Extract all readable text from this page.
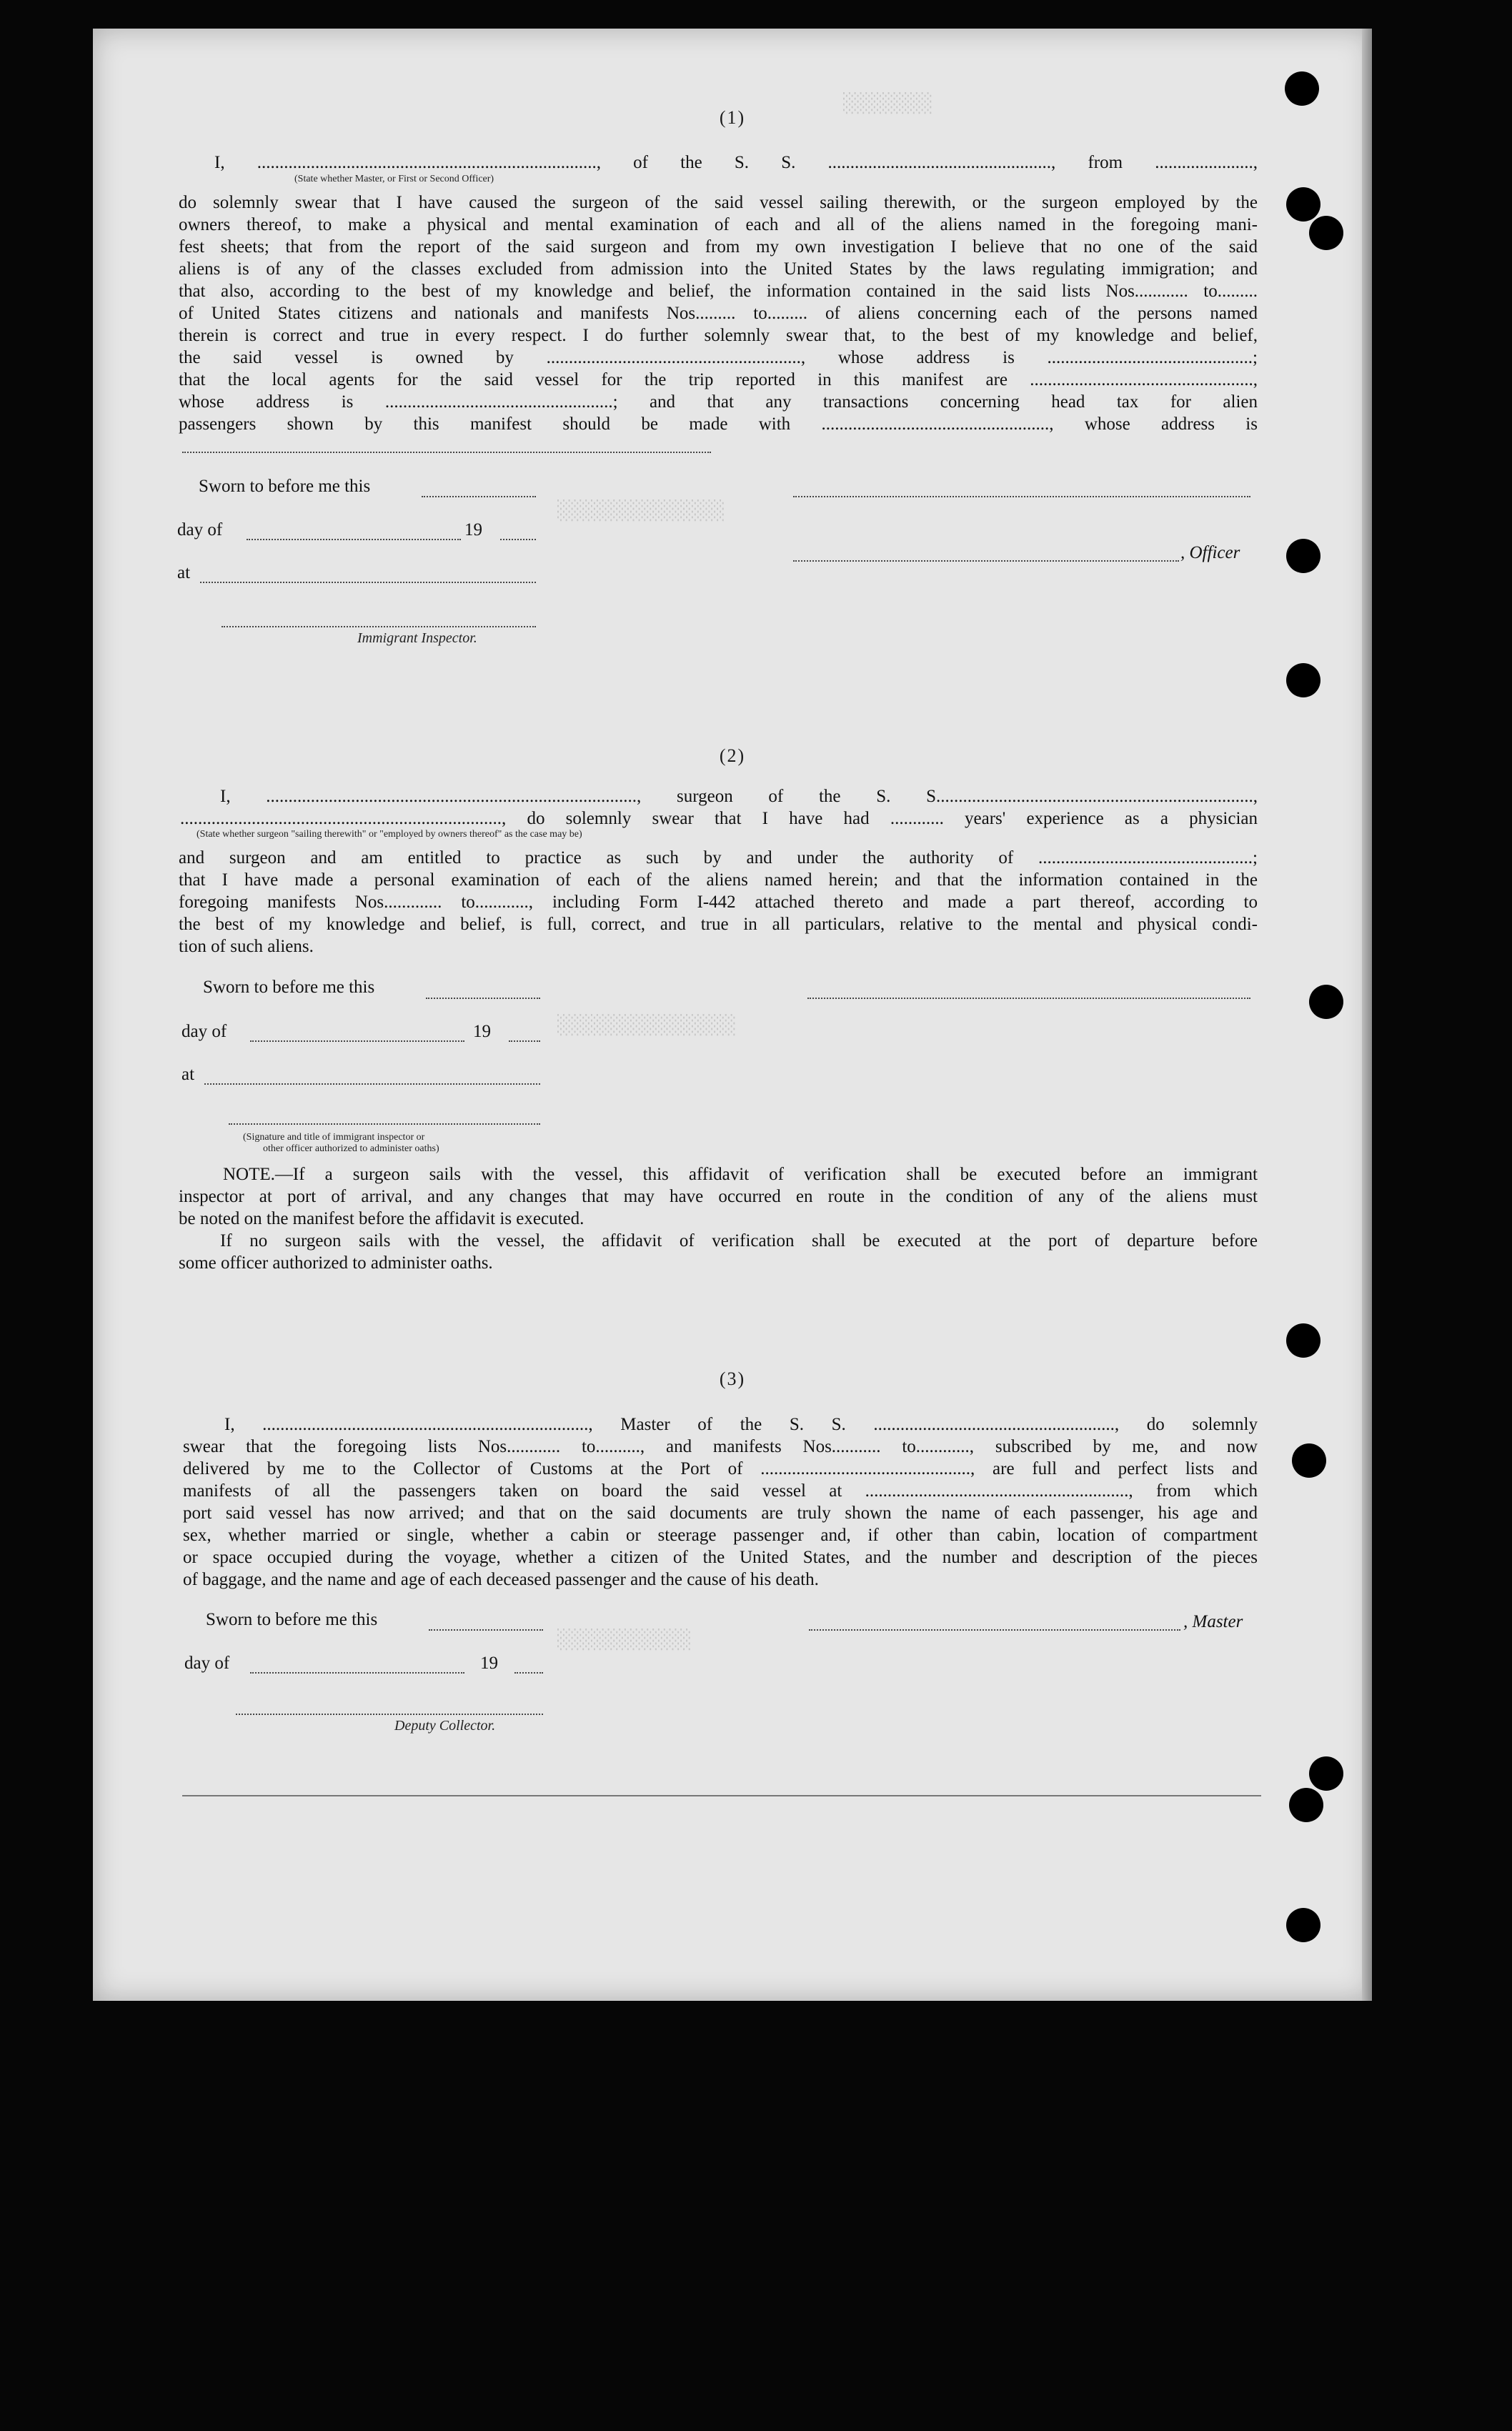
░░░░░░░░
░░░░░░░░░░░░░░░
░░░░░░░░░░░░░░░░
░░░░░░░░░░░░
(1)
I, ............................................................................, of the S. S. .................................................., from ......................,
(State whether Master, or First or Second Officer)
do solemnly swear that I have caused the surgeon of the said vessel sailing therewith, or the surgeon employed by the
owners thereof, to make a physical and mental examination of each and all of the aliens named in the foregoing mani-
fest sheets; that from the report of the said surgeon and from my own investigation I believe that no one of the said
aliens is of any of the classes excluded from admission into the United States by the laws regulating immigration; and
that also, according to the best of my knowledge and belief, the information contained in the said lists Nos............ to.........
of United States citizens and nationals and manifests Nos......... to......... of aliens concerning each of the persons named
therein is correct and true in every respect. I do further solemnly swear that, to the best of my knowledge and belief,
the said vessel is owned by ........................................................., whose address is ..............................................;
that the local agents for the said vessel for the trip reported in this manifest are ..................................................,
whose address is ...................................................; and that any transactions concerning head tax for alien
passengers shown by this manifest should be made with ..................................................., whose address is
Sworn to before me this
day of	19
, Officer
at
Immigrant Inspector.
(2)
I, ..................................................................................., surgeon of the S. S.......................................................................,
........................................................................, do solemnly swear that I have had ............ years' experience as a physician
(State whether surgeon "sailing therewith" or "employed by owners thereof" as the case may be)
and surgeon and am entitled to practice as such by and under the authority of ................................................;
that I have made a personal examination of each of the aliens named herein; and that the information contained in the
foregoing manifests Nos............. to............, including Form I-442 attached thereto and made a part thereof, according to
the best of my knowledge and belief, is full, correct, and true in all particulars, relative to the mental and physical condi-
tion of such aliens.
Sworn to before me this
day of	19
at
(Signature and title of immigrant inspector or
other officer authorized to administer oaths)
NOTE.—If a surgeon sails with the vessel, this affidavit of verification shall be executed before an immigrant
inspector at port of arrival, and any changes that may have occurred en route in the condition of any of the aliens must
be noted on the manifest before the affidavit is executed.
If no surgeon sails with the vessel, the affidavit of verification shall be executed at the port of departure before
some officer authorized to administer oaths.
(3)
I, ........................................................................., Master of the S. S. ......................................................, do solemnly
swear that the foregoing lists Nos............ to.........., and manifests Nos........... to............, subscribed by me, and now
delivered by me to the Collector of Customs at the Port of ..............................................., are full and perfect lists and
manifests of all the passengers taken on board the said vessel at ..........................................................., from which
port said vessel has now arrived; and that on the said documents are truly shown the name of each passenger, his age and
sex, whether married or single, whether a cabin or steerage passenger and, if other than cabin, location of compartment
or space occupied during the voyage, whether a citizen of the United States, and the number and description of the pieces
of baggage, and the name and age of each deceased passenger and the cause of his death.
Sworn to before me this	, Master
day of	19
Deputy Collector.
